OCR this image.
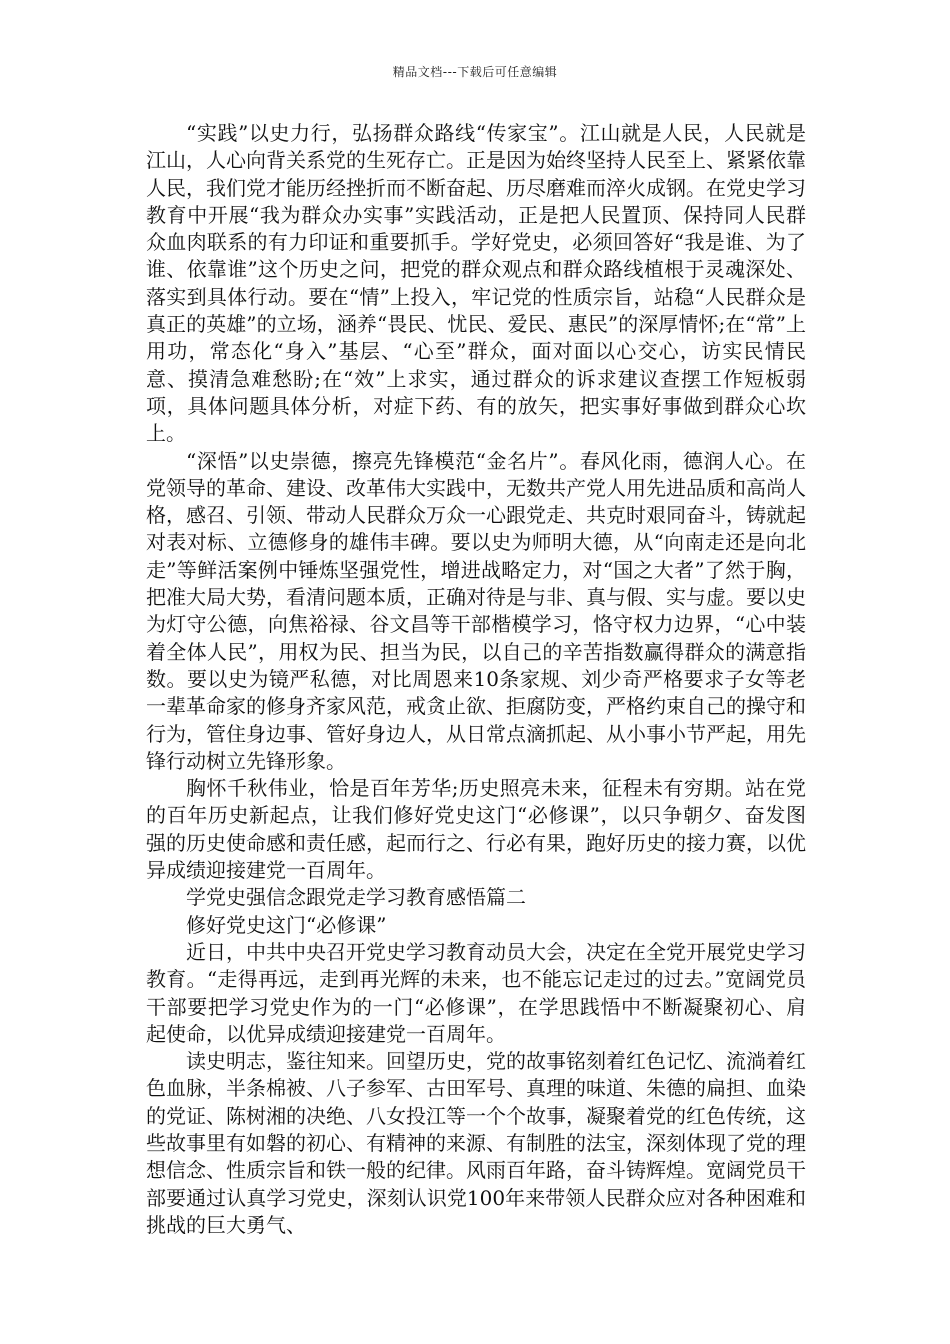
精品文档---下载后可任意编辑

“实践”以史力行，弘扬群众路线“传家宝”。江山就是人民，人民就是江山，人心向背关系党的生死存亡。正是因为始终坚持人民至上、紧紧依靠人民，我们党才能历经挫折而不断奋起、历尽磨难而淬火成钢。在党史学习教育中开展“我为群众办实事”实践活动，正是把人民置顶、保持同人民群众血肉联系的有力印证和重要抓手。学好党史，必须回答好“我是谁、为了谁、依靠谁”这个历史之问，把党的群众观点和群众路线植根于灵魂深处、落实到具体行动。要在“情”上投入，牢记党的性质宗旨，站稳“人民群众是真正的英雄”的立场，涵养“畏民、忧民、爱民、惠民”的深厚情怀;在“常”上用功，常态化“身入”基层、“心至”群众，面对面以心交心，访实民情民意、摸清急难愁盼;在“效”上求实，通过群众的诉求建议查摆工作短板弱项，具体问题具体分析，对症下药、有的放矢，把实事好事做到群众心坎上。

“深悟”以史崇德，擦亮先锋模范“金名片”。春风化雨，德润人心。在党领导的革命、建设、改革伟大实践中，无数共产党人用先进品质和高尚人格，感召、引领、带动人民群众万众一心跟党走、共克时艰同奋斗，铸就起对表对标、立德修身的雄伟丰碑。要以史为师明大德，从“向南走还是向北走”等鲜活案例中锤炼坚强党性，增进战略定力，对“国之大者”了然于胸，把准大局大势，看清问题本质，正确对待是与非、真与假、实与虚。要以史为灯守公德，向焦裕禄、谷文昌等干部楷模学习，恪守权力边界，“心中装着全体人民”，用权为民、担当为民，以自己的辛苦指数赢得群众的满意指数。要以史为镜严私德，对比周恩来10条家规、刘少奇严格要求子女等老一辈革命家的修身齐家风范，戒贪止欲、拒腐防变，严格约束自己的操守和行为，管住身边事、管好身边人，从日常点滴抓起、从小事小节严起，用先锋行动树立先锋形象。

胸怀千秋伟业，恰是百年芳华;历史照亮未来，征程未有穷期。站在党的百年历史新起点，让我们修好党史这门“必修课”，以只争朝夕、奋发图强的历史使命感和责任感，起而行之、行必有果，跑好历史的接力赛，以优异成绩迎接建党一百周年。

学党史强信念跟党走学习教育感悟篇二

修好党史这门“必修课”

近日，中共中央召开党史学习教育动员大会，决定在全党开展党史学习教育。“走得再远，走到再光辉的未来，也不能忘记走过的过去。”宽阔党员干部要把学习党史作为的一门“必修课”，在学思践悟中不断凝聚初心、肩起使命，以优异成绩迎接建党一百周年。

读史明志，鉴往知来。回望历史，党的故事铭刻着红色记忆、流淌着红色血脉，半条棉被、八子参军、古田军号、真理的味道、朱德的扁担、血染的党证、陈树湘的决绝、八女投江等一个个故事，凝聚着党的红色传统，这些故事里有如磐的初心、有精神的来源、有制胜的法宝，深刻体现了党的理想信念、性质宗旨和铁一般的纪律。风雨百年路，奋斗铸辉煌。宽阔党员干部要通过认真学习党史，深刻认识党100年来带领人民群众应对各种困难和挑战的巨大勇气、
